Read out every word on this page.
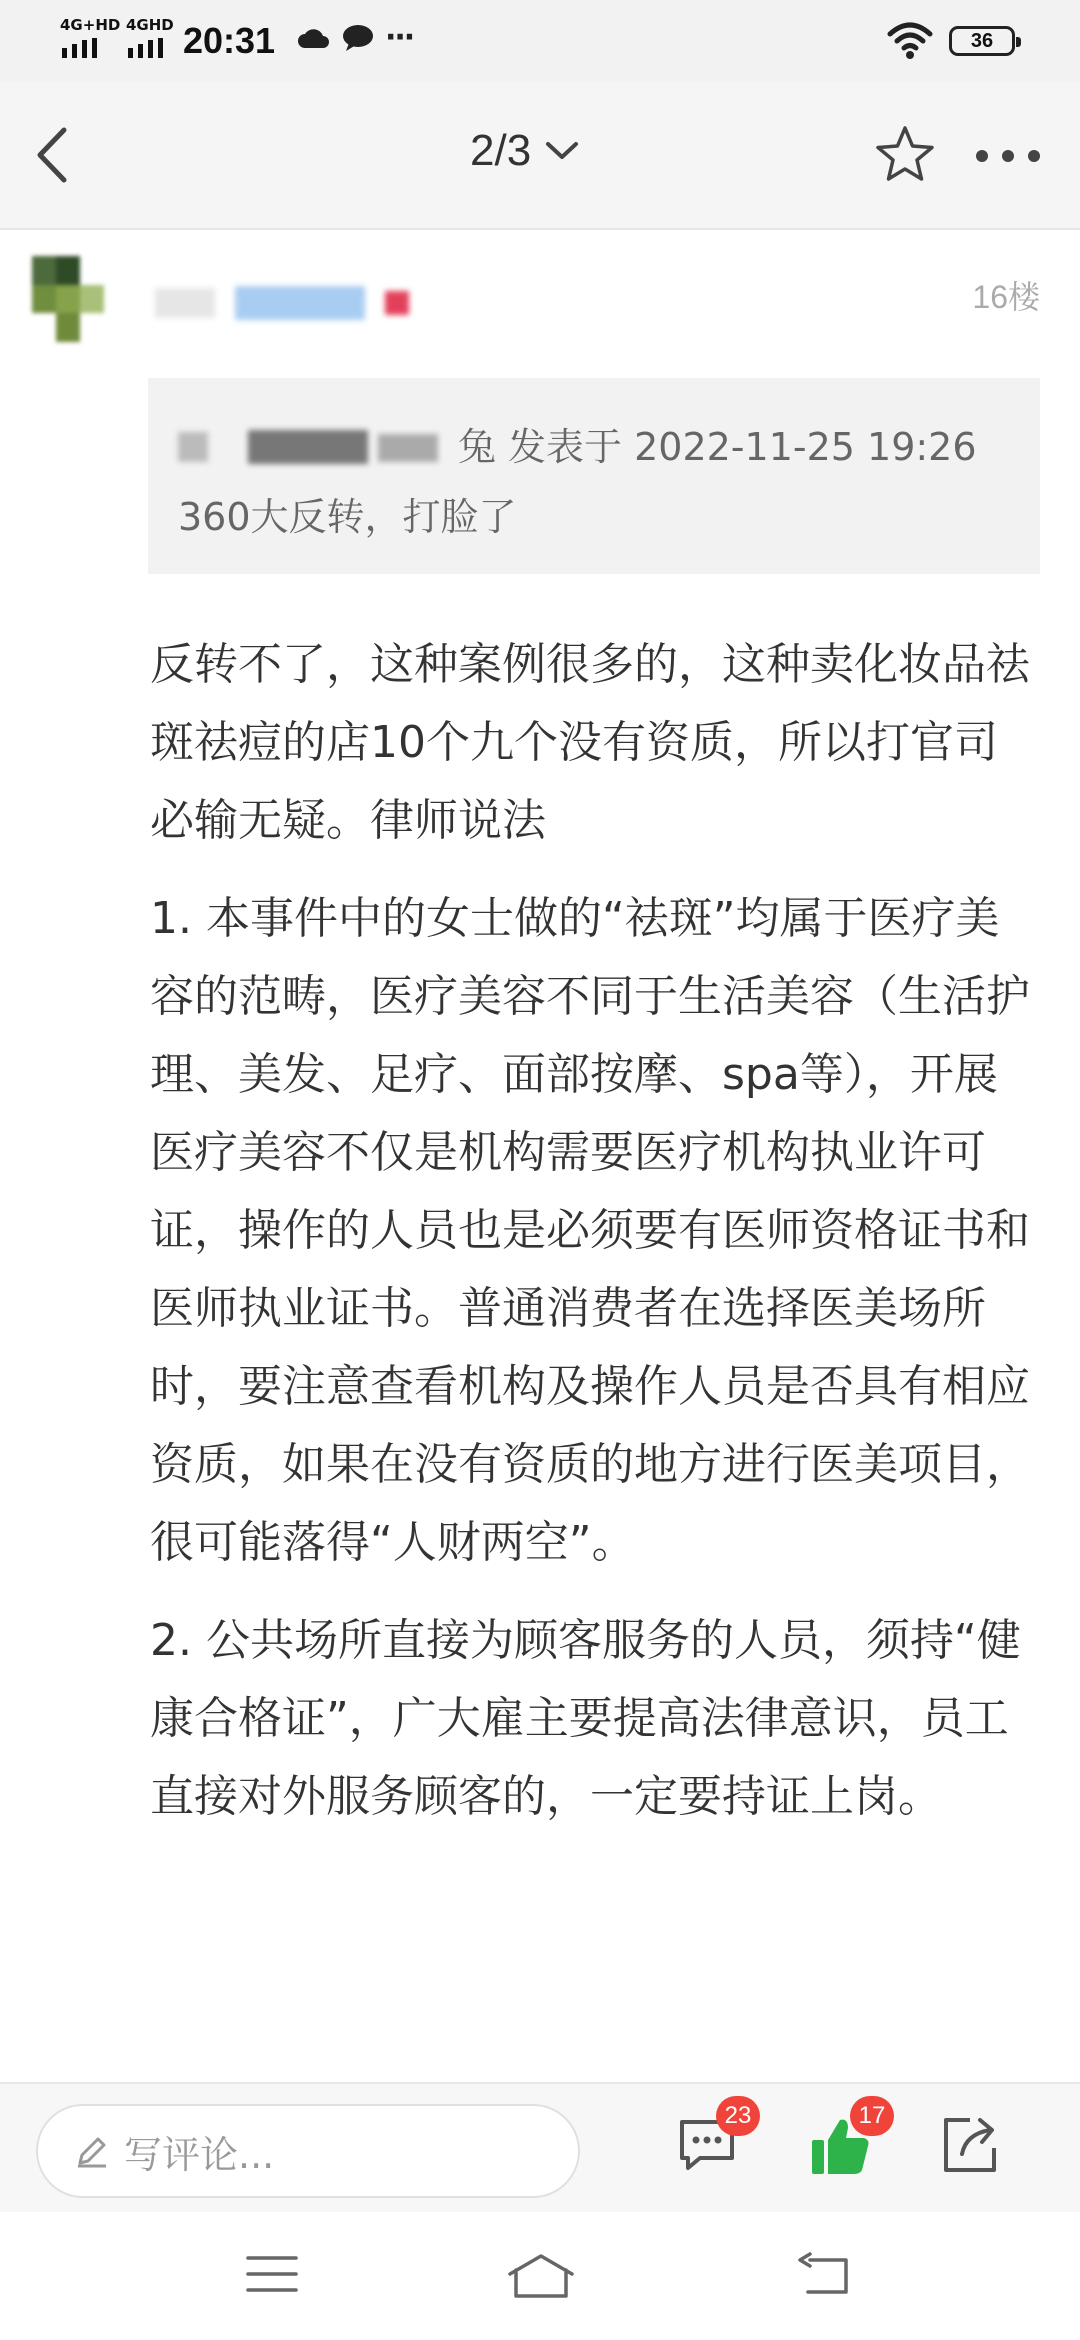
4G+HD 4GHD 20:31	···	36
2/3
16楼
兔 发表于 2022-11-25 19:26
360大反转，打脸了

反转不了，这种案例很多的，这种卖化妆品祛斑祛痘的店10个九个没有资质，所以打官司必输无疑。律师说法

1. 本事件中的女士做的“祛斑”均属于医疗美容的范畴，医疗美容不同于生活美容（生活护理、美发、足疗、面部按摩、spa等），开展医疗美容不仅是机构需要医疗机构执业许可证，操作的人员也是必须要有医师资格证书和医师执业证书。普通消费者在选择医美场所时，要注意查看机构及操作人员是否具有相应资质，如果在没有资质的地方进行医美项目，很可能落得“人财两空”。

2. 公共场所直接为顾客服务的人员，须持“健康合格证”，广大雇主要提高法律意识，员工直接对外服务顾客的，一定要持证上岗。

写评论...
23	17
